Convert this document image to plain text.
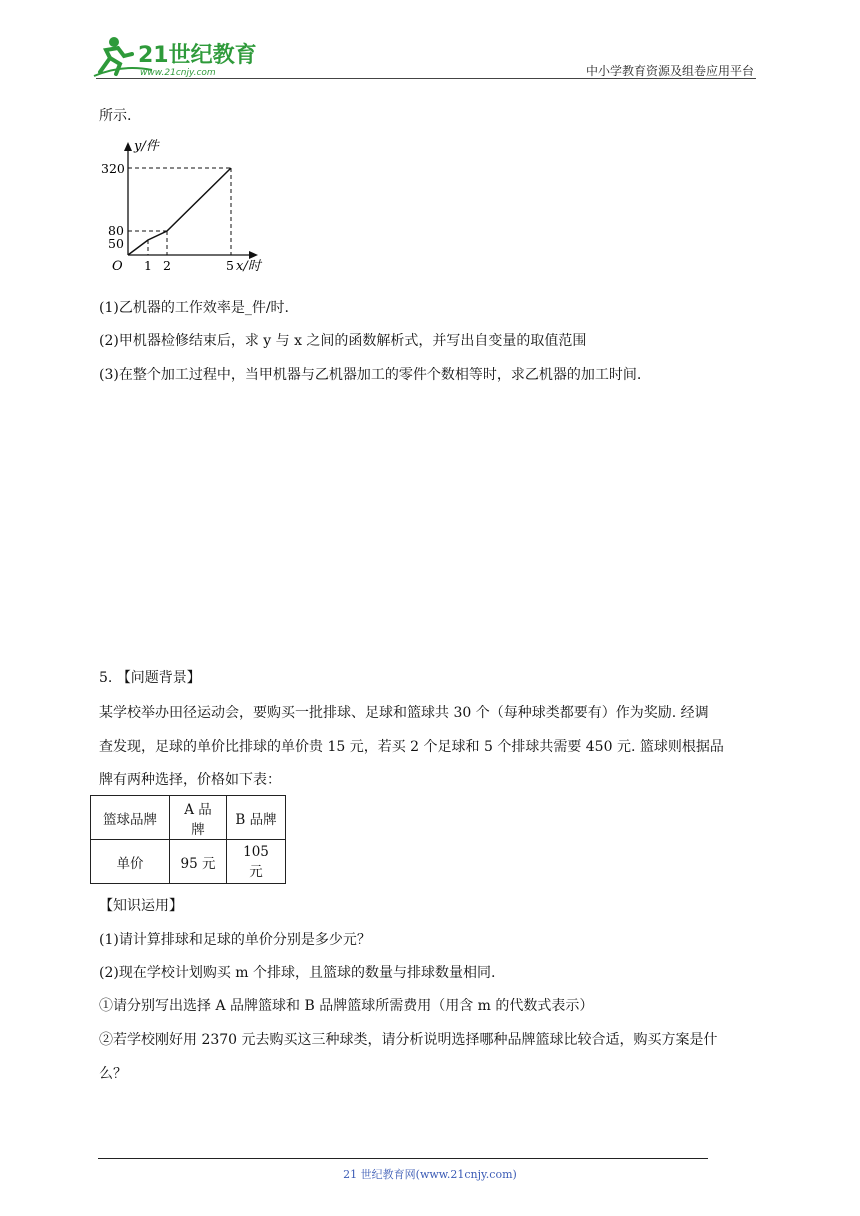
21世纪教育
www.21cnjy.com	中小学教育资源及组卷应用平台
所示.
y/件
x/时
O
320
80
50
1 2	5
(1)乙机器的工作效率是_件/时.
(2)甲机器检修结束后，求 y 与 x 之间的函数解析式，并写出自变量的取值范围
(3)在整个加工过程中，当甲机器与乙机器加工的零件个数相等时，求乙机器的加工时间.
5. 【问题背景】
某学校举办田径运动会，要购买一批排球、足球和篮球共 30 个（每种球类都要有）作为奖励. 经调
查发现，足球的单价比排球的单价贵 15 元，若买 2 个足球和 5 个排球共需要 450 元. 篮球则根据品
牌有两种选择，价格如下表：
篮球品牌	A 品牌	B 品牌
单价	95 元	105 元
【知识运用】
(1)请计算排球和足球的单价分别是多少元？
(2)现在学校计划购买 m 个排球，且篮球的数量与排球数量相同.
①请分别写出选择 A 品牌篮球和 B 品牌篮球所需费用（用含 m 的代数式表示）
②若学校刚好用 2370 元去购买这三种球类，请分析说明选择哪种品牌篮球比较合适，购买方案是什
么？
21 世纪教育网(www.21cnjy.com)
